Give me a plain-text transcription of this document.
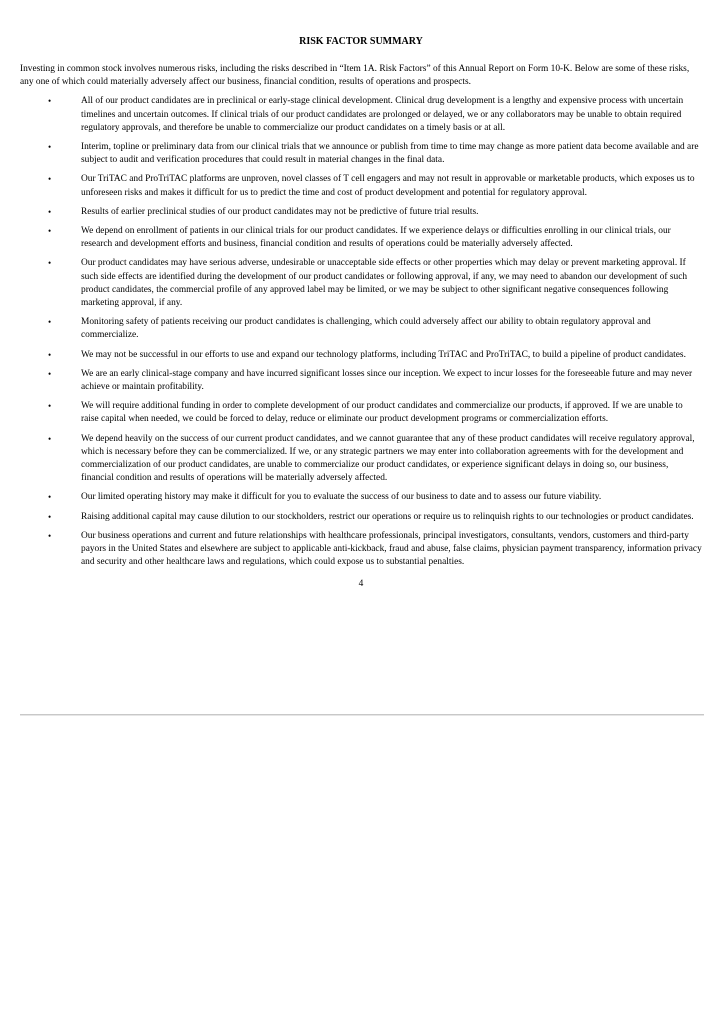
RISK FACTOR SUMMARY

Investing in common stock involves numerous risks, including the risks described in “Item 1A. Risk Factors” of this Annual Report on Form 10-K. Below are some of these risks, any one of which could materially adversely affect our business, financial condition, results of operations and prospects.

•	All of our product candidates are in preclinical or early-stage clinical development. Clinical drug development is a lengthy and expensive process with uncertain timelines and uncertain outcomes. If clinical trials of our product candidates are prolonged or delayed, we or any collaborators may be unable to obtain required regulatory approvals, and therefore be unable to commercialize our product candidates on a timely basis or at all.
•	Interim, topline or preliminary data from our clinical trials that we announce or publish from time to time may change as more patient data become available and are subject to audit and verification procedures that could result in material changes in the final data.
•	Our TriTAC and ProTriTAC platforms are unproven, novel classes of T cell engagers and may not result in approvable or marketable products, which exposes us to unforeseen risks and makes it difficult for us to predict the time and cost of product development and potential for regulatory approval.
•	Results of earlier preclinical studies of our product candidates may not be predictive of future trial results.
•	We depend on enrollment of patients in our clinical trials for our product candidates. If we experience delays or difficulties enrolling in our clinical trials, our research and development efforts and business, financial condition and results of operations could be materially adversely affected.
•	Our product candidates may have serious adverse, undesirable or unacceptable side effects or other properties which may delay or prevent marketing approval. If such side effects are identified during the development of our product candidates or following approval, if any, we may need to abandon our development of such product candidates, the commercial profile of any approved label may be limited, or we may be subject to other significant negative consequences following marketing approval, if any.
•	Monitoring safety of patients receiving our product candidates is challenging, which could adversely affect our ability to obtain regulatory approval and commercialize.
•	We may not be successful in our efforts to use and expand our technology platforms, including TriTAC and ProTriTAC, to build a pipeline of product candidates.
•	We are an early clinical-stage company and have incurred significant losses since our inception. We expect to incur losses for the foreseeable future and may never achieve or maintain profitability.
•	We will require additional funding in order to complete development of our product candidates and commercialize our products, if approved. If we are unable to raise capital when needed, we could be forced to delay, reduce or eliminate our product development programs or commercialization efforts.
•	We depend heavily on the success of our current product candidates, and we cannot guarantee that any of these product candidates will receive regulatory approval, which is necessary before they can be commercialized. If we, or any strategic partners we may enter into collaboration agreements with for the development and commercialization of our product candidates, are unable to commercialize our product candidates, or experience significant delays in doing so, our business, financial condition and results of operations will be materially adversely affected.
•	Our limited operating history may make it difficult for you to evaluate the success of our business to date and to assess our future viability.
•	Raising additional capital may cause dilution to our stockholders, restrict our operations or require us to relinquish rights to our technologies or product candidates.
•	Our business operations and current and future relationships with healthcare professionals, principal investigators, consultants, vendors, customers and third-party payors in the United States and elsewhere are subject to applicable anti-kickback, fraud and abuse, false claims, physician payment transparency, information privacy and security and other healthcare laws and regulations, which could expose us to substantial penalties.
4
